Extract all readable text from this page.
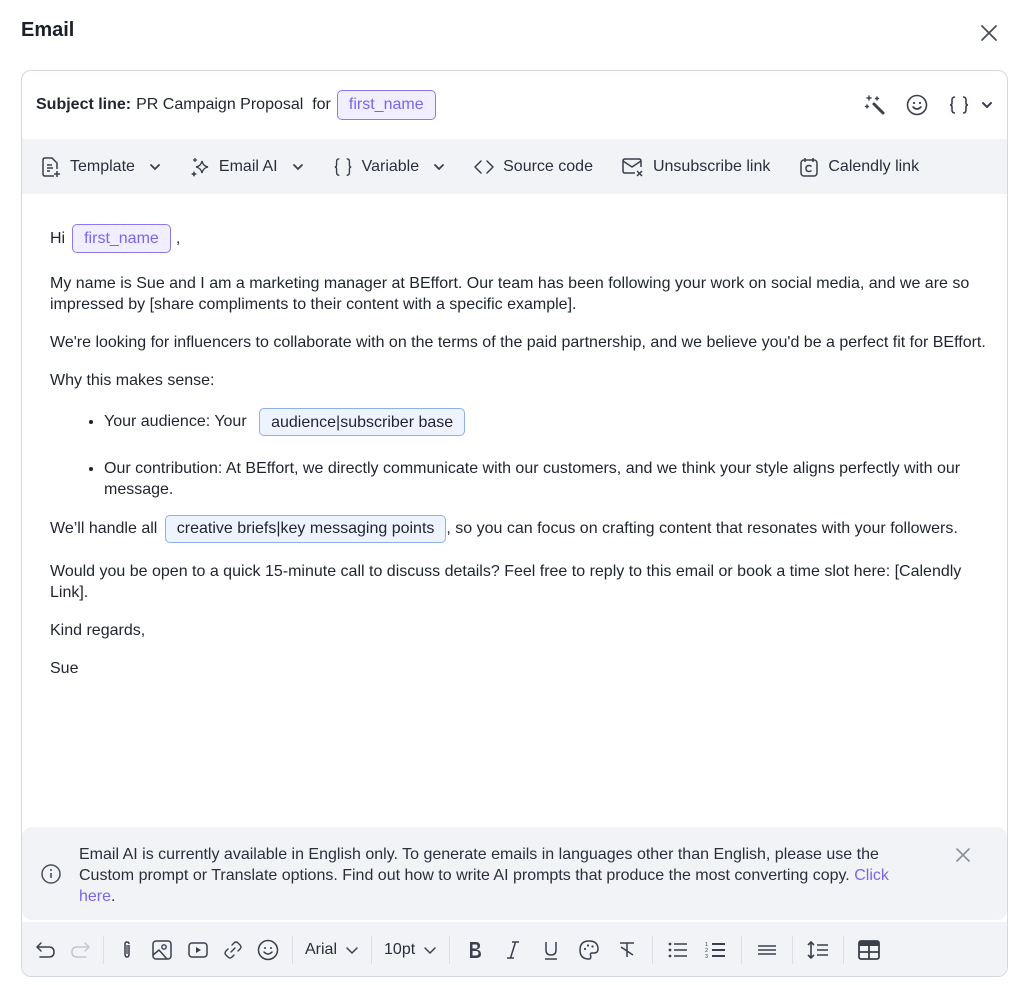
Email
Subject line: PR Campaign Proposal  for	first_name
Template	Email AI	Variable	Source code	Unsubscribe link	Calendly link

Hi	first_name	,

My name is Sue and I am a marketing manager at BEffort. Our team has been following your work on social media, and we are so impressed by [share compliments to their content with a specific example].

We're looking for influencers to collaborate with on the terms of the paid partnership, and we believe you'd be a perfect fit for BEffort.

Why this makes sense:

• Your audience: Your audience|subscriber base
• Our contribution: At BEffort, we directly communicate with our customers, and we think your style aligns perfectly with our message.

We’ll handle all creative briefs|key messaging points , so you can focus on crafting content that resonates with your followers.

Would you be open to a quick 15-minute call to discuss details? Feel free to reply to this email or book a time slot here: [Calendly Link].

Kind regards,

Sue

Email AI is currently available in English only. To generate emails in languages other than English, please use the Custom prompt or Translate options. Find out how to write AI prompts that produce the most converting copy. Click here.
Arial	10pt	1
2
3
